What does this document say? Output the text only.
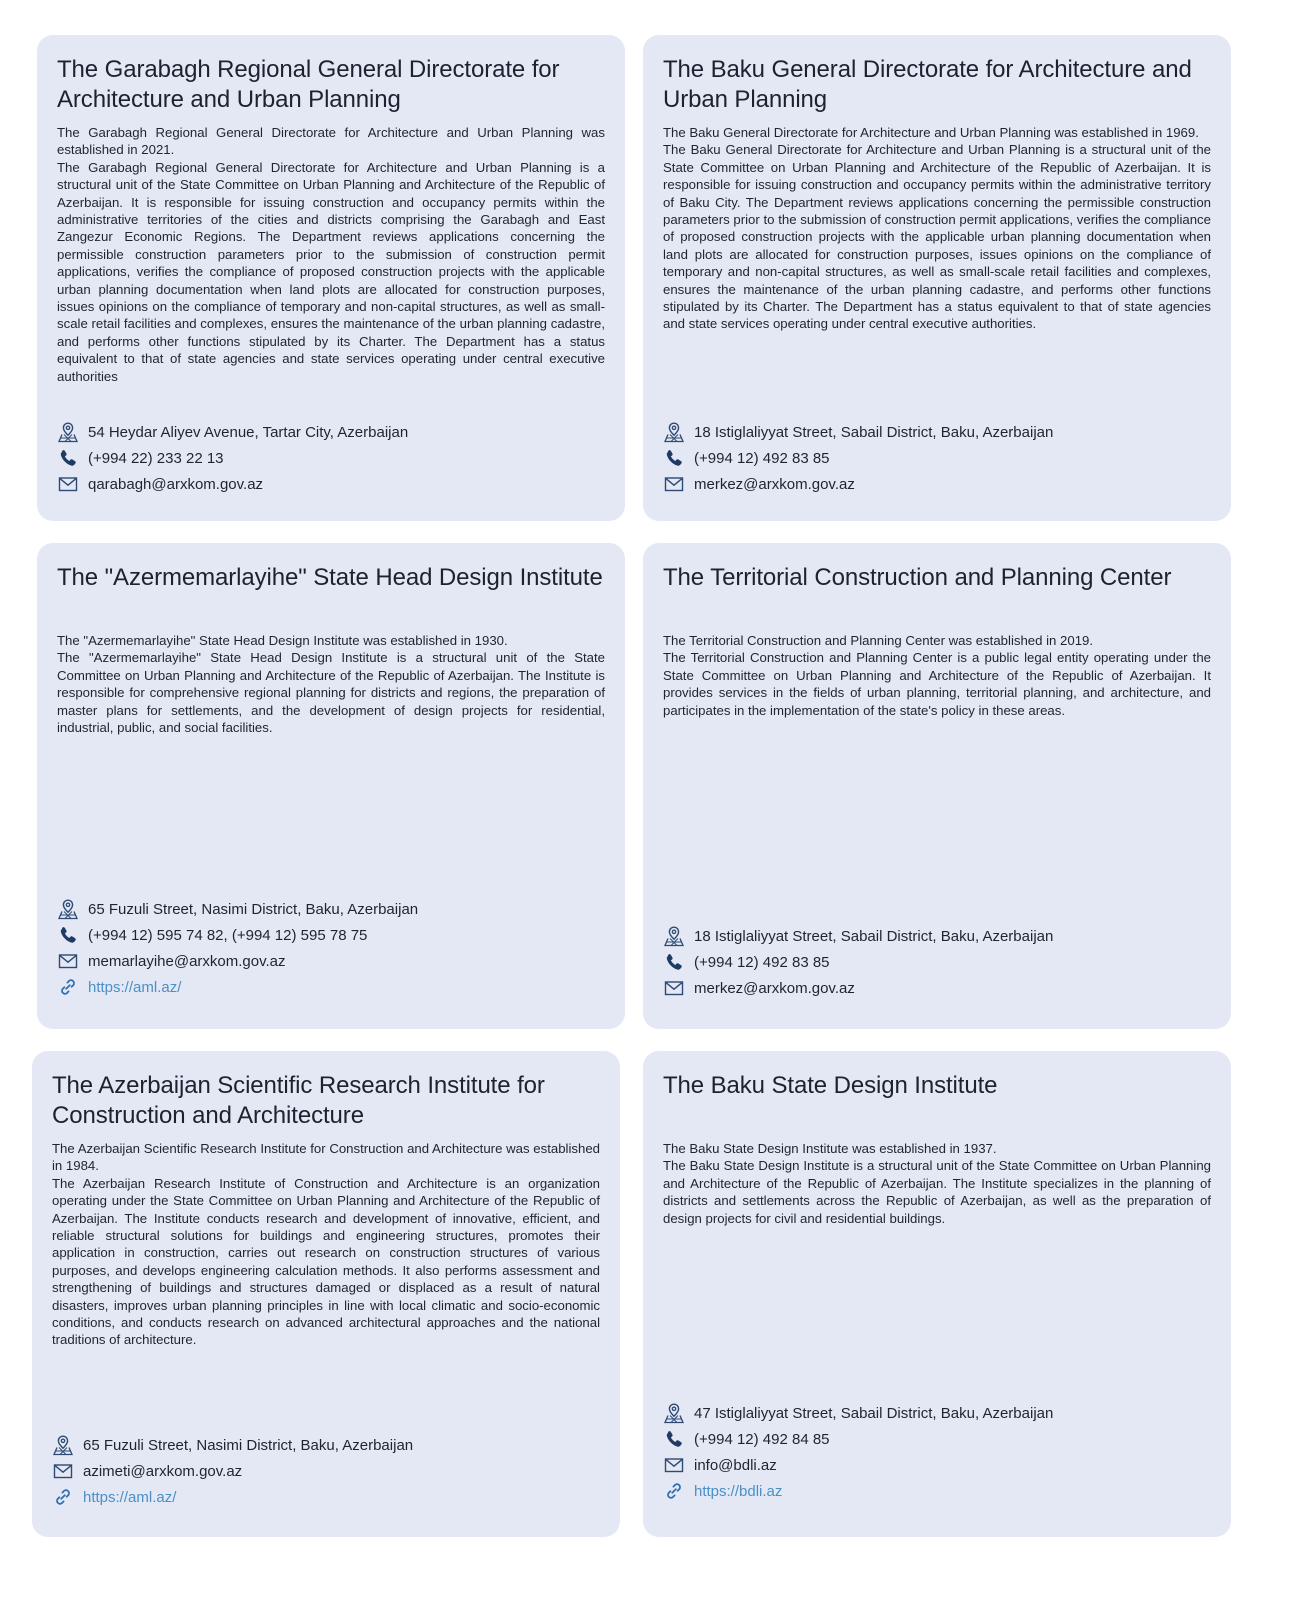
The Garabagh Regional General Directorate for Architecture and Urban Planning

The Garabagh Regional General Directorate for Architecture and Urban Planning was established in 2021.

The Garabagh Regional General Directorate for Architecture and Urban Planning is a structural unit of the State Committee on Urban Planning and Architecture of the Republic of Azerbaijan. It is responsible for issuing construction and occupancy permits within the administrative territories of the cities and districts comprising the Garabagh and East Zangezur Economic Regions. The Department reviews applications concerning the permissible construction parameters prior to the submission of construction permit applications, verifies the compliance of proposed construction projects with the applicable urban planning documentation when land plots are allocated for construction purposes, issues opinions on the compliance of temporary and non-capital structures, as well as small-scale retail facilities and complexes, ensures the maintenance of the urban planning cadastre, and performs other functions stipulated by its Charter. The Department has a status equivalent to that of state agencies and state services operating under central executive authorities

54 Heydar Aliyev Avenue, Tartar City, Azerbaijan
(+994 22) 233 22 13
qarabagh@arxkom.gov.az
The Baku General Directorate for Architecture and Urban Planning

The Baku General Directorate for Architecture and Urban Planning was established in 1969.

The Baku General Directorate for Architecture and Urban Planning is a structural unit of the State Committee on Urban Planning and Architecture of the Republic of Azerbaijan. It is responsible for issuing construction and occupancy permits within the administrative territory of Baku City. The Department reviews applications concerning the permissible construction parameters prior to the submission of construction permit applications, verifies the compliance of proposed construction projects with the applicable urban planning documentation when land plots are allocated for construction purposes, issues opinions on the compliance of temporary and non-capital structures, as well as small-scale retail facilities and complexes, ensures the maintenance of the urban planning cadastre, and performs other functions stipulated by its Charter. The Department has a status equivalent to that of state agencies and state services operating under central executive authorities.

18 Istiglaliyyat Street, Sabail District, Baku, Azerbaijan
(+994 12) 492 83 85
merkez@arxkom.gov.az
The "Azermemarlayihe" State Head Design Institute

The "Azermemarlayihe" State Head Design Institute was established in 1930.

The "Azermemarlayihe" State Head Design Institute is a structural unit of the State Committee on Urban Planning and Architecture of the Republic of Azerbaijan. The Institute is responsible for comprehensive regional planning for districts and regions, the preparation of master plans for settlements, and the development of design projects for residential, industrial, public, and social facilities.

65 Fuzuli Street, Nasimi District, Baku, Azerbaijan
(+994 12) 595 74 82, (+994 12) 595 78 75
memarlayihe@arxkom.gov.az
https://aml.az/
The Territorial Construction and Planning Center

The Territorial Construction and Planning Center was established in 2019.

The Territorial Construction and Planning Center is a public legal entity operating under the State Committee on Urban Planning and Architecture of the Republic of Azerbaijan. It provides services in the fields of urban planning, territorial planning, and architecture, and participates in the implementation of the state's policy in these areas.

18 Istiglaliyyat Street, Sabail District, Baku, Azerbaijan
(+994 12) 492 83 85
merkez@arxkom.gov.az
The Azerbaijan Scientific Research Institute for Construction and Architecture

The Azerbaijan Scientific Research Institute for Construction and Architecture was established in 1984.

The Azerbaijan Research Institute of Construction and Architecture is an organization operating under the State Committee on Urban Planning and Architecture of the Republic of Azerbaijan. The Institute conducts research and development of innovative, efficient, and reliable structural solutions for buildings and engineering structures, promotes their application in construction, carries out research on construction structures of various purposes, and develops engineering calculation methods. It also performs assessment and strengthening of buildings and structures damaged or displaced as a result of natural disasters, improves urban planning principles in line with local climatic and socio-economic conditions, and conducts research on advanced architectural approaches and the national traditions of architecture.

65 Fuzuli Street, Nasimi District, Baku, Azerbaijan
azimeti@arxkom.gov.az
https://aml.az/
The Baku State Design Institute

The Baku State Design Institute was established in 1937.

The Baku State Design Institute is a structural unit of the State Committee on Urban Planning and Architecture of the Republic of Azerbaijan. The Institute specializes in the planning of districts and settlements across the Republic of Azerbaijan, as well as the preparation of design projects for civil and residential buildings.

47 Istiglaliyyat Street, Sabail District, Baku, Azerbaijan
(+994 12) 492 84 85
info@bdli.az
https://bdli.az
